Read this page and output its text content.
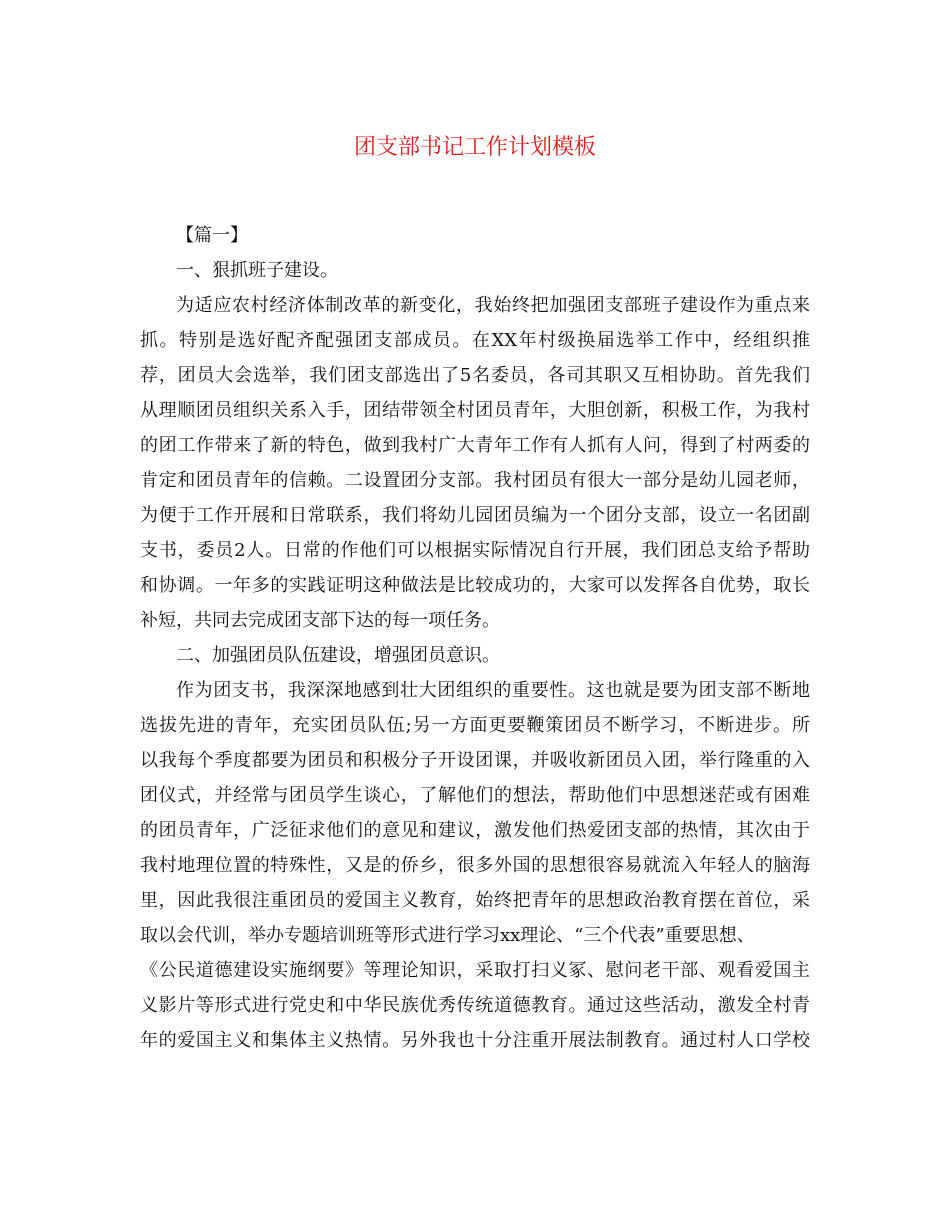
团支部书记工作计划模板
【篇一】
一、狠抓班子建设。
为适应农村经济体制改革的新变化，我始终把加强团支部班子建设作为重点来
抓。特别是选好配齐配强团支部成员。在XX年村级换届选举工作中，经组织推
荐，团员大会选举，我们团支部选出了5名委员，各司其职又互相协助。首先我们
从理顺团员组织关系入手，团结带领全村团员青年，大胆创新，积极工作，为我村
的团工作带来了新的特色，做到我村广大青年工作有人抓有人问，得到了村两委的
肯定和团员青年的信赖。二设置团分支部。我村团员有很大一部分是幼儿园老师，
为便于工作开展和日常联系，我们将幼儿园团员编为一个团分支部，设立一名团副
支书，委员2人。日常的作他们可以根据实际情况自行开展，我们团总支给予帮助
和协调。一年多的实践证明这种做法是比较成功的，大家可以发挥各自优势，取长
补短，共同去完成团支部下达的每一项任务。
二、加强团员队伍建设，增强团员意识。
作为团支书，我深深地感到壮大团组织的重要性。这也就是要为团支部不断地
选拔先进的青年，充实团员队伍;另一方面更要鞭策团员不断学习，不断进步。所
以我每个季度都要为团员和积极分子开设团课，并吸收新团员入团，举行隆重的入
团仪式，并经常与团员学生谈心，了解他们的想法，帮助他们中思想迷茫或有困难
的团员青年，广泛征求他们的意见和建议，激发他们热爱团支部的热情，其次由于
我村地理位置的特殊性，又是的侨乡，很多外国的思想很容易就流入年轻人的脑海
里，因此我很注重团员的爱国主义教育，始终把青年的思想政治教育摆在首位，采
取以会代训，举办专题培训班等形式进行学习xx理论、“三个代表”重要思想、
《公民道德建设实施纲要》等理论知识，采取打扫义冢、慰问老干部、观看爱国主
义影片等形式进行党史和中华民族优秀传统道德教育。通过这些活动，激发全村青
年的爱国主义和集体主义热情。另外我也十分注重开展法制教育。通过村人口学校
